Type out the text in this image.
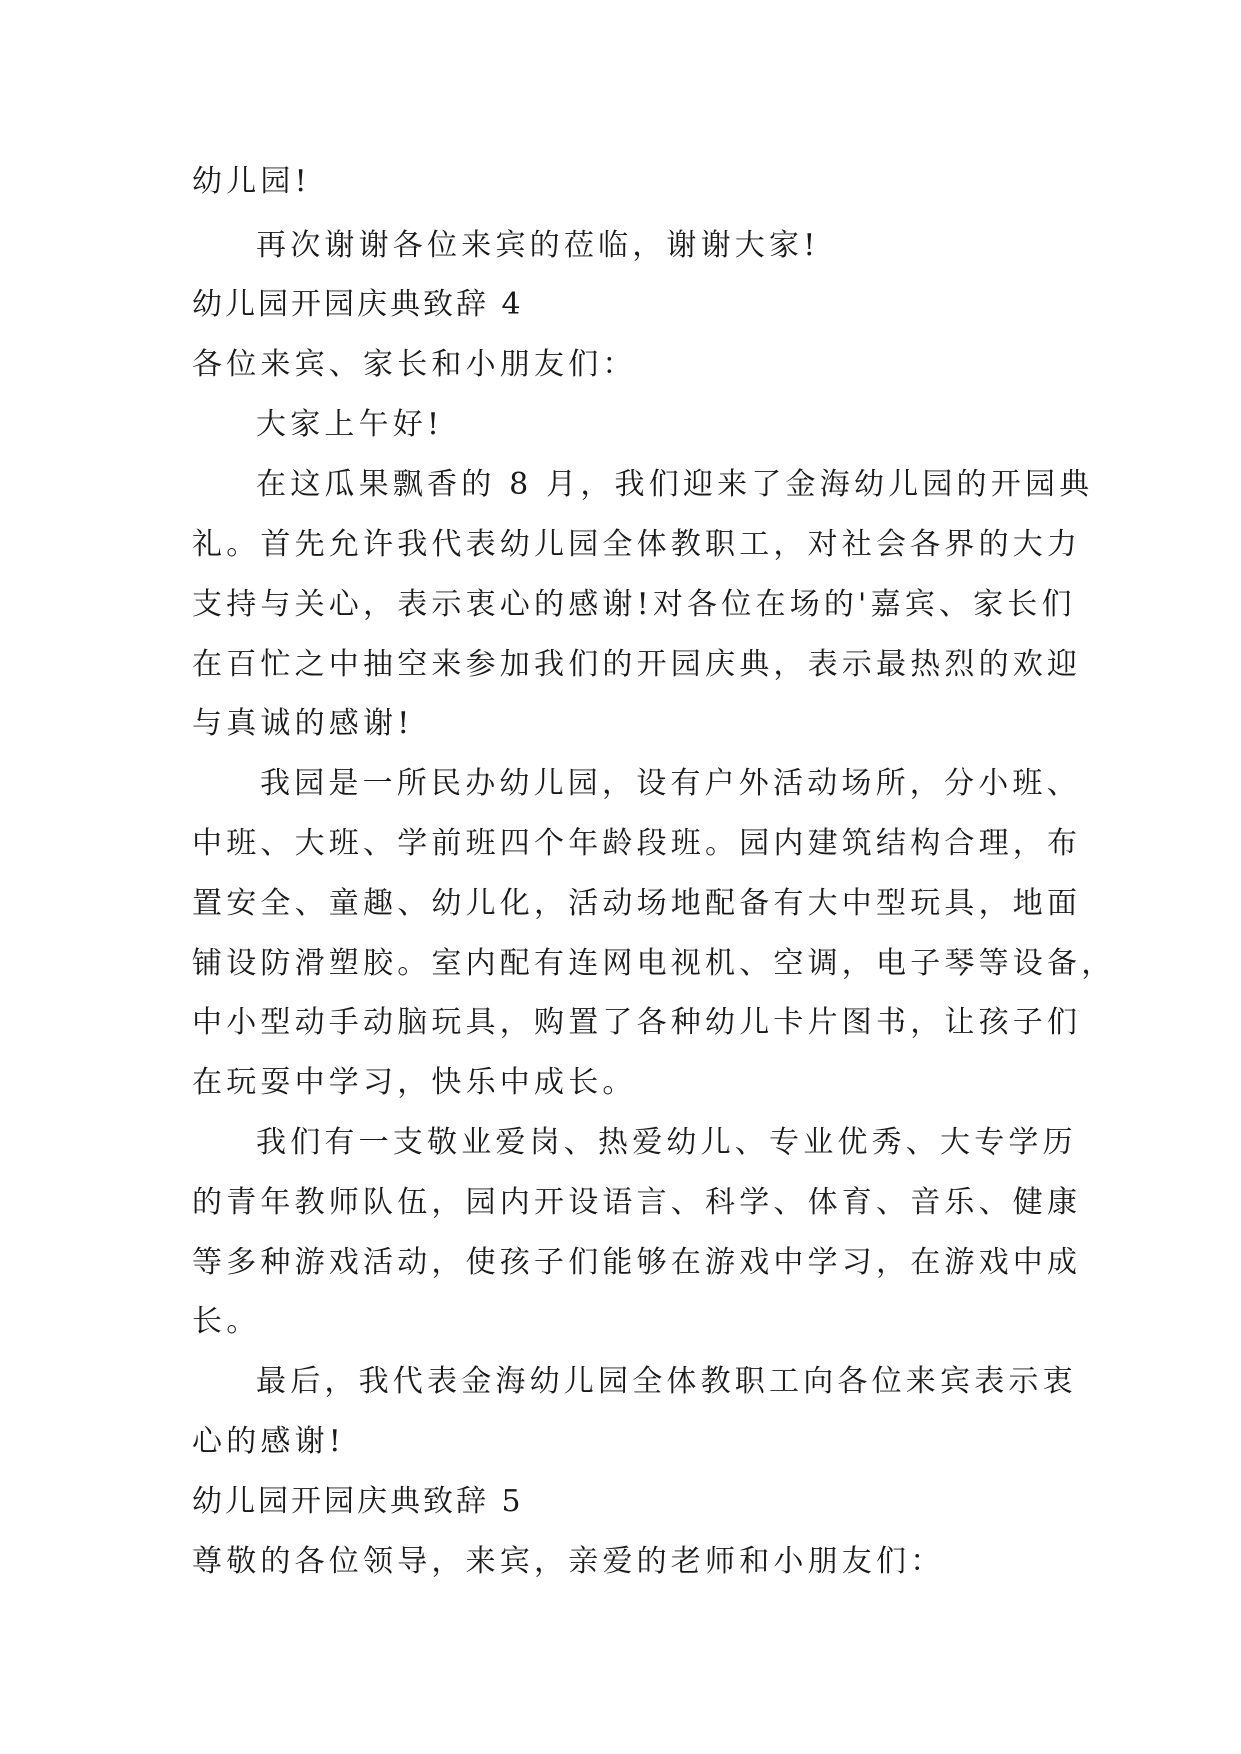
幼儿园!
再次谢谢各位来宾的莅临，谢谢大家!
幼儿园开园庆典致辞 4
各位来宾、家长和小朋友们：
大家上午好!
在这瓜果飘香的 8 月，我们迎来了金海幼儿园的开园典
礼。首先允许我代表幼儿园全体教职工，对社会各界的大力
支持与关心，表示衷心的感谢!对各位在场的'嘉宾、家长们
在百忙之中抽空来参加我们的开园庆典，表示最热烈的欢迎
与真诚的感谢!
我园是一所民办幼儿园，设有户外活动场所，分小班、
中班、大班、学前班四个年龄段班。园内建筑结构合理，布
置安全、童趣、幼儿化，活动场地配备有大中型玩具，地面
铺设防滑塑胶。室内配有连网电视机、空调，电子琴等设备，
中小型动手动脑玩具，购置了各种幼儿卡片图书，让孩子们
在玩耍中学习，快乐中成长。
我们有一支敬业爱岗、热爱幼儿、专业优秀、大专学历
的青年教师队伍，园内开设语言、科学、体育、音乐、健康
等多种游戏活动，使孩子们能够在游戏中学习，在游戏中成
长。
最后，我代表金海幼儿园全体教职工向各位来宾表示衷
心的感谢!
幼儿园开园庆典致辞 5
尊敬的各位领导，来宾，亲爱的老师和小朋友们：
